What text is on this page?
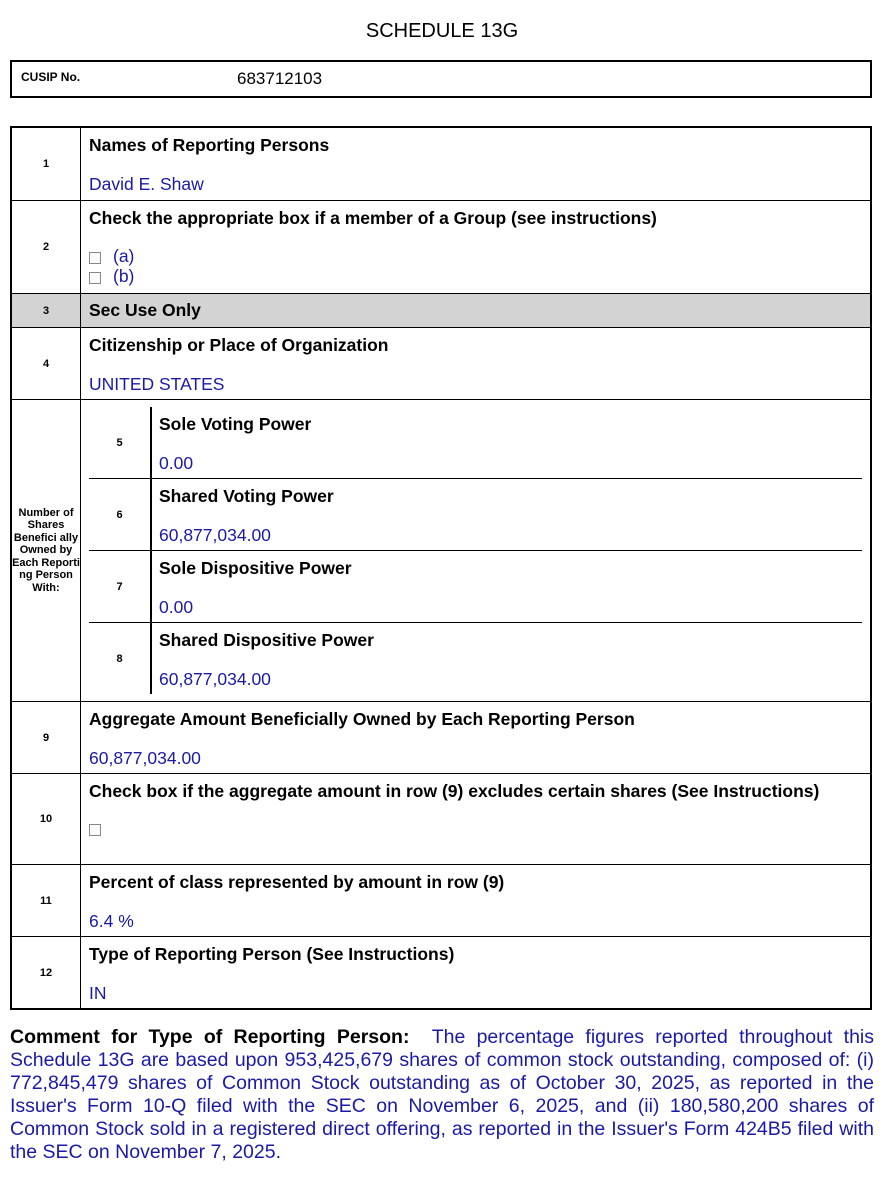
SCHEDULE 13G
CUSIP No.	683712103
1
Names of Reporting Persons
David E. Shaw
2
Check the appropriate box if a member of a Group (see instructions)
(a)
(b)
3	Sec Use Only
4
Citizenship or Place of Organization
UNITED STATES
Number of Shares Benefici ally Owned by Each Reporti ng Person With:
5
Sole Voting Power
0.00
6
Shared Voting Power
60,877,034.00
7
Sole Dispositive Power
0.00
8
Shared Dispositive Power
60,877,034.00
9
Aggregate Amount Beneficially Owned by Each Reporting Person
60,877,034.00
10
Check box if the aggregate amount in row (9) excludes certain shares (See Instructions)
11
Percent of class represented by amount in row (9)
6.4 %
12
Type of Reporting Person (See Instructions)
IN
Comment for Type of Reporting Person: The percentage figures reported throughout this Schedule 13G are based upon 953,425,679 shares of common stock outstanding, composed of: (i) 772,845,479 shares of Common Stock outstanding as of October 30, 2025, as reported in the Issuer's Form 10-Q filed with the SEC on November 6, 2025, and (ii) 180,580,200 shares of Common Stock sold in a registered direct offering, as reported in the Issuer's Form 424B5 filed with the SEC on November 7, 2025.
